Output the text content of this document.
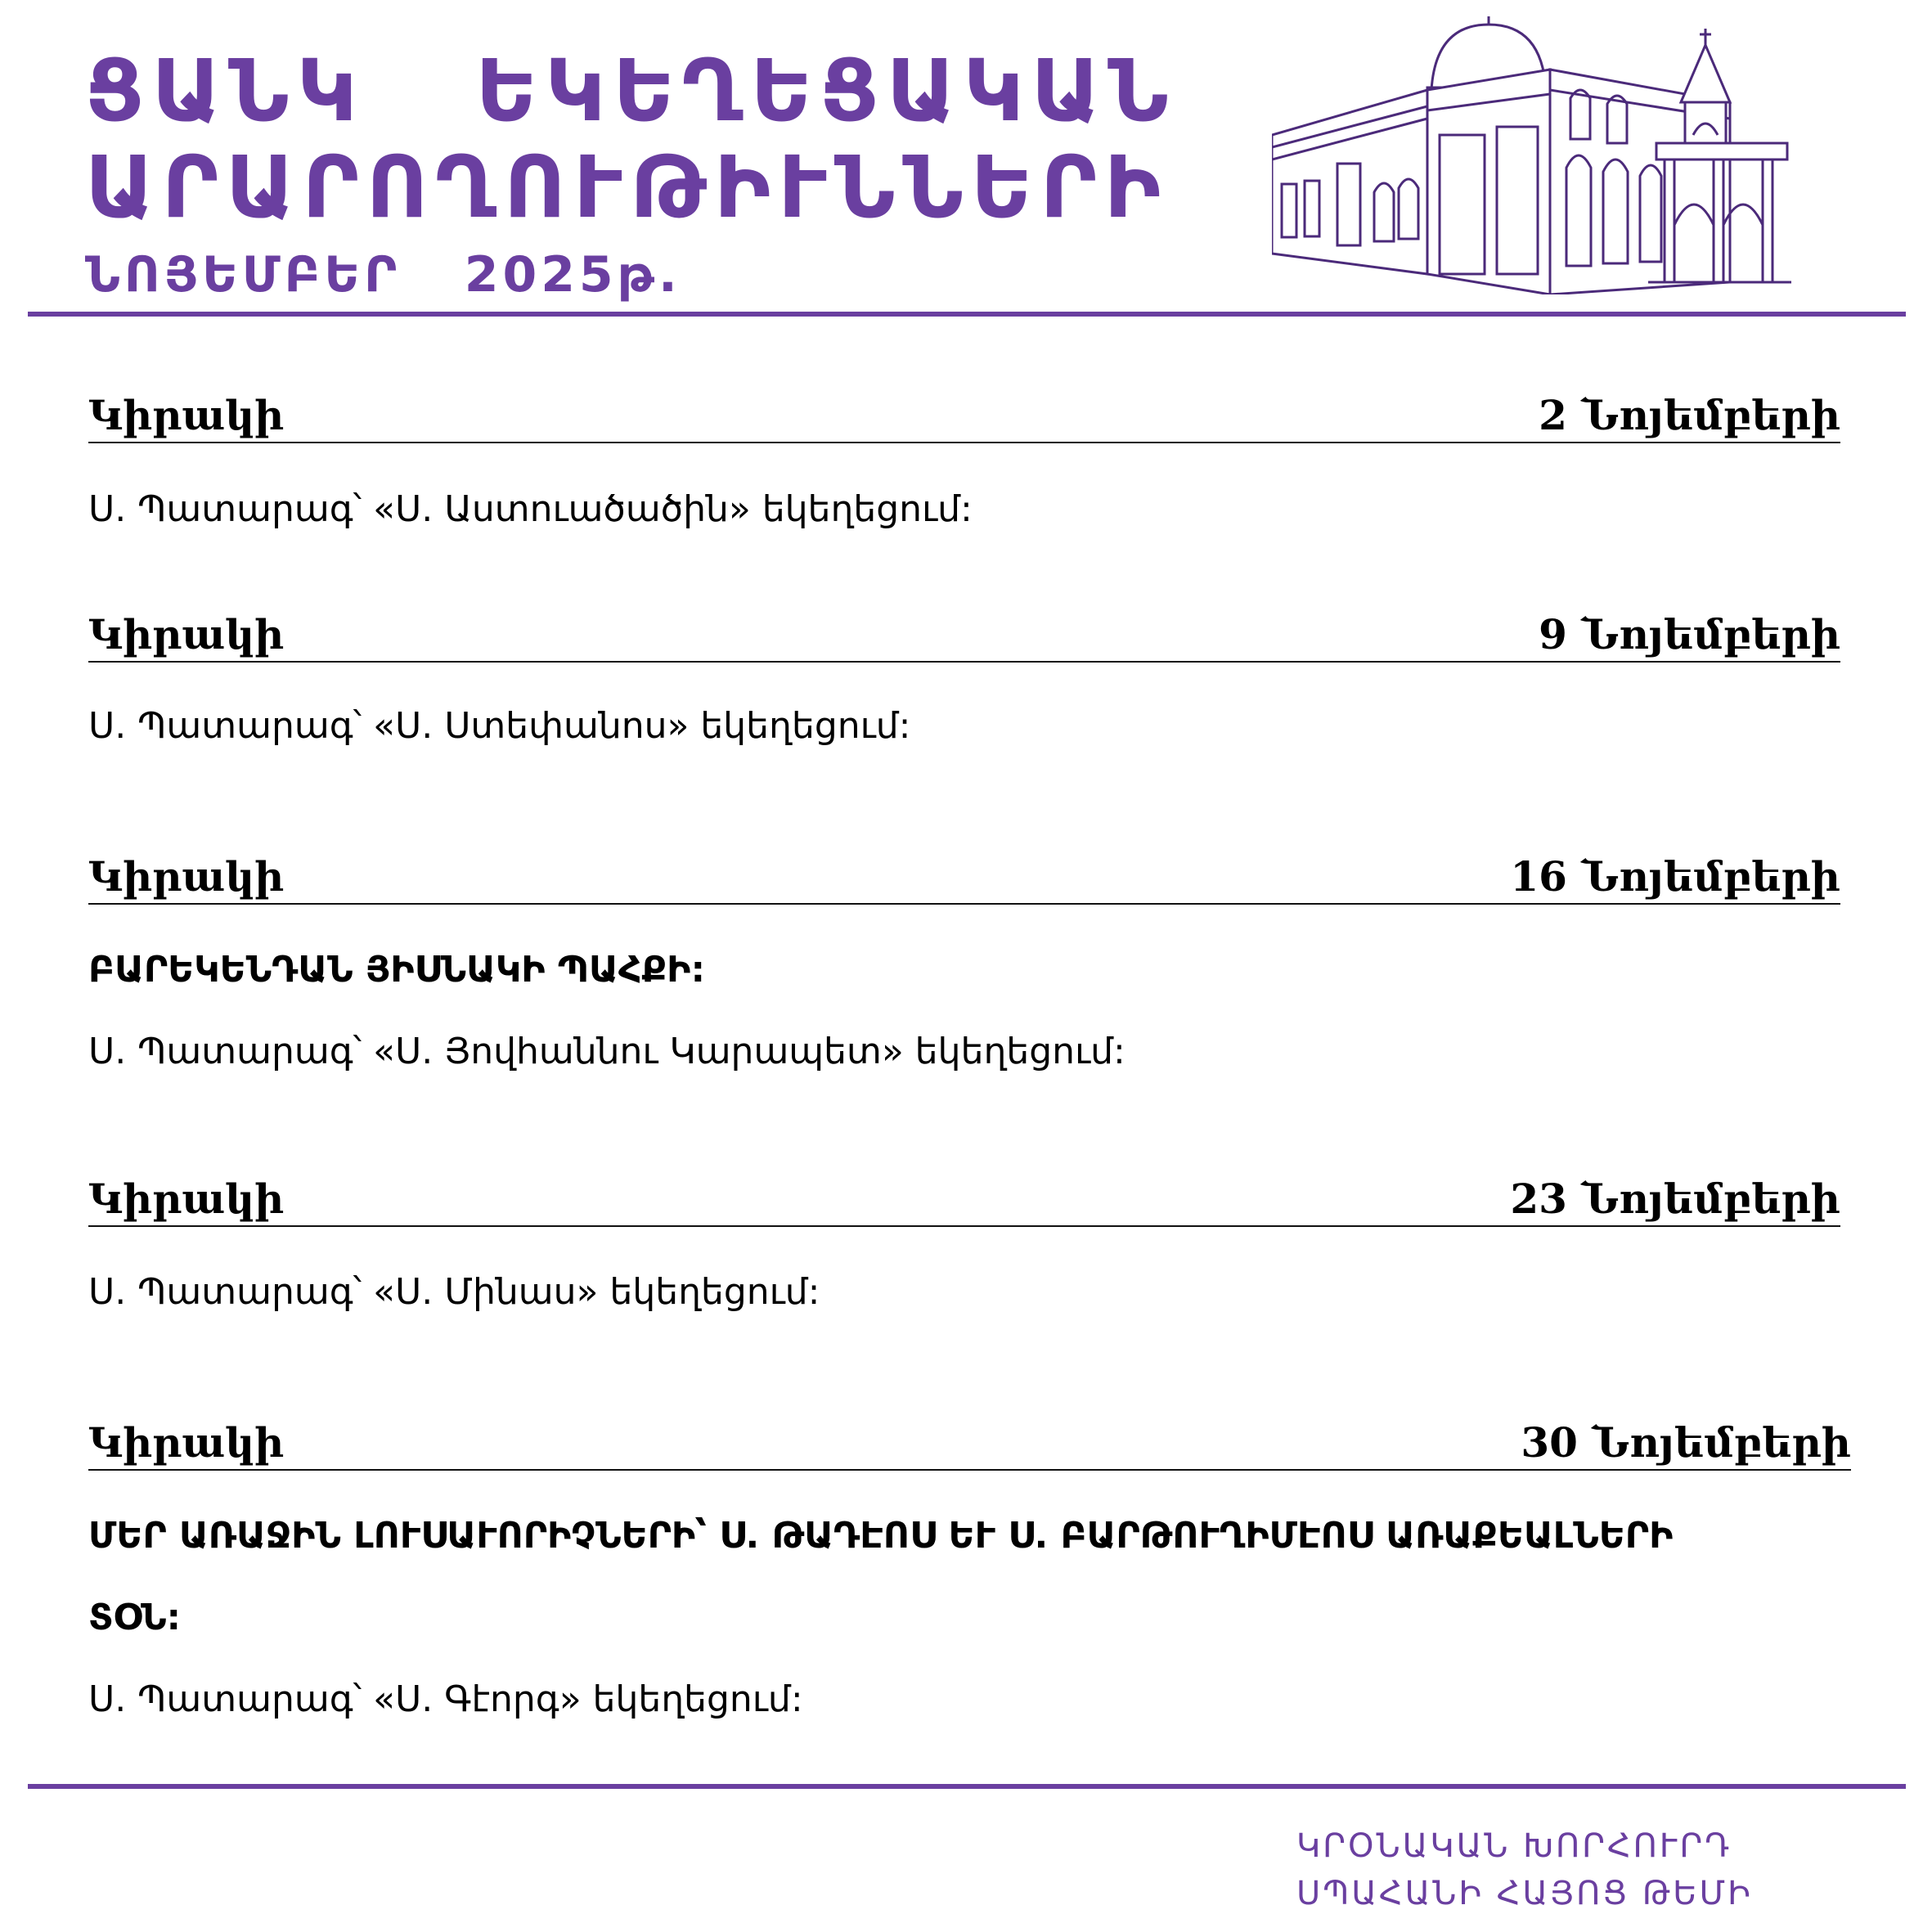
ՑԱՆԿ   ԵԿԵՂԵՑԱԿԱՆ
ԱՐԱՐՈՂՈՒԹԻՒՆՆԵՐԻ
ՆՈՅԵՄԲԵՐ   2025թ.
Կիրակի	2 Նոյեմբերի
Ս. Պատարագ՝ «Ս. Աստուածածին» եկեղեցում:
Կիրակի	9 Նոյեմբերի
Ս. Պատարագ՝ «Ս. Ստեփանոս» եկեղեցում:
Կիրակի	16 Նոյեմբերի
ԲԱՐԵԿԵՆԴԱՆ ՅԻՍՆԱԿԻ ՊԱՀՔԻ:
Ս. Պատարագ՝ «Ս. Յովհաննու Կարապետ» եկեղեցում:
Կիրակի	23 Նոյեմբերի
Ս. Պատարագ՝ «Ս. Մինաս» եկեղեցում:
Կիրակի	30 Նոյեմբերի
ՄԵՐ ԱՌԱՋԻՆ ԼՈՒՍԱՒՈՐԻՉՆԵՐԻ՝ Ս. ԹԱԴԷՈՍ ԵՒ Ս. ԲԱՐԹՈՒՂԻՄԷՈՍ ԱՌԱՔԵԱԼՆԵՐԻ
ՏՕՆ:
Ս. Պատարագ՝ «Ս. Գէորգ» եկեղեցում:
ԿՐՕՆԱԿԱՆ ԽՈՐՀՈՒՐԴ
ՍՊԱՀԱՆԻ ՀԱՅՈՑ ԹԵՄԻ
